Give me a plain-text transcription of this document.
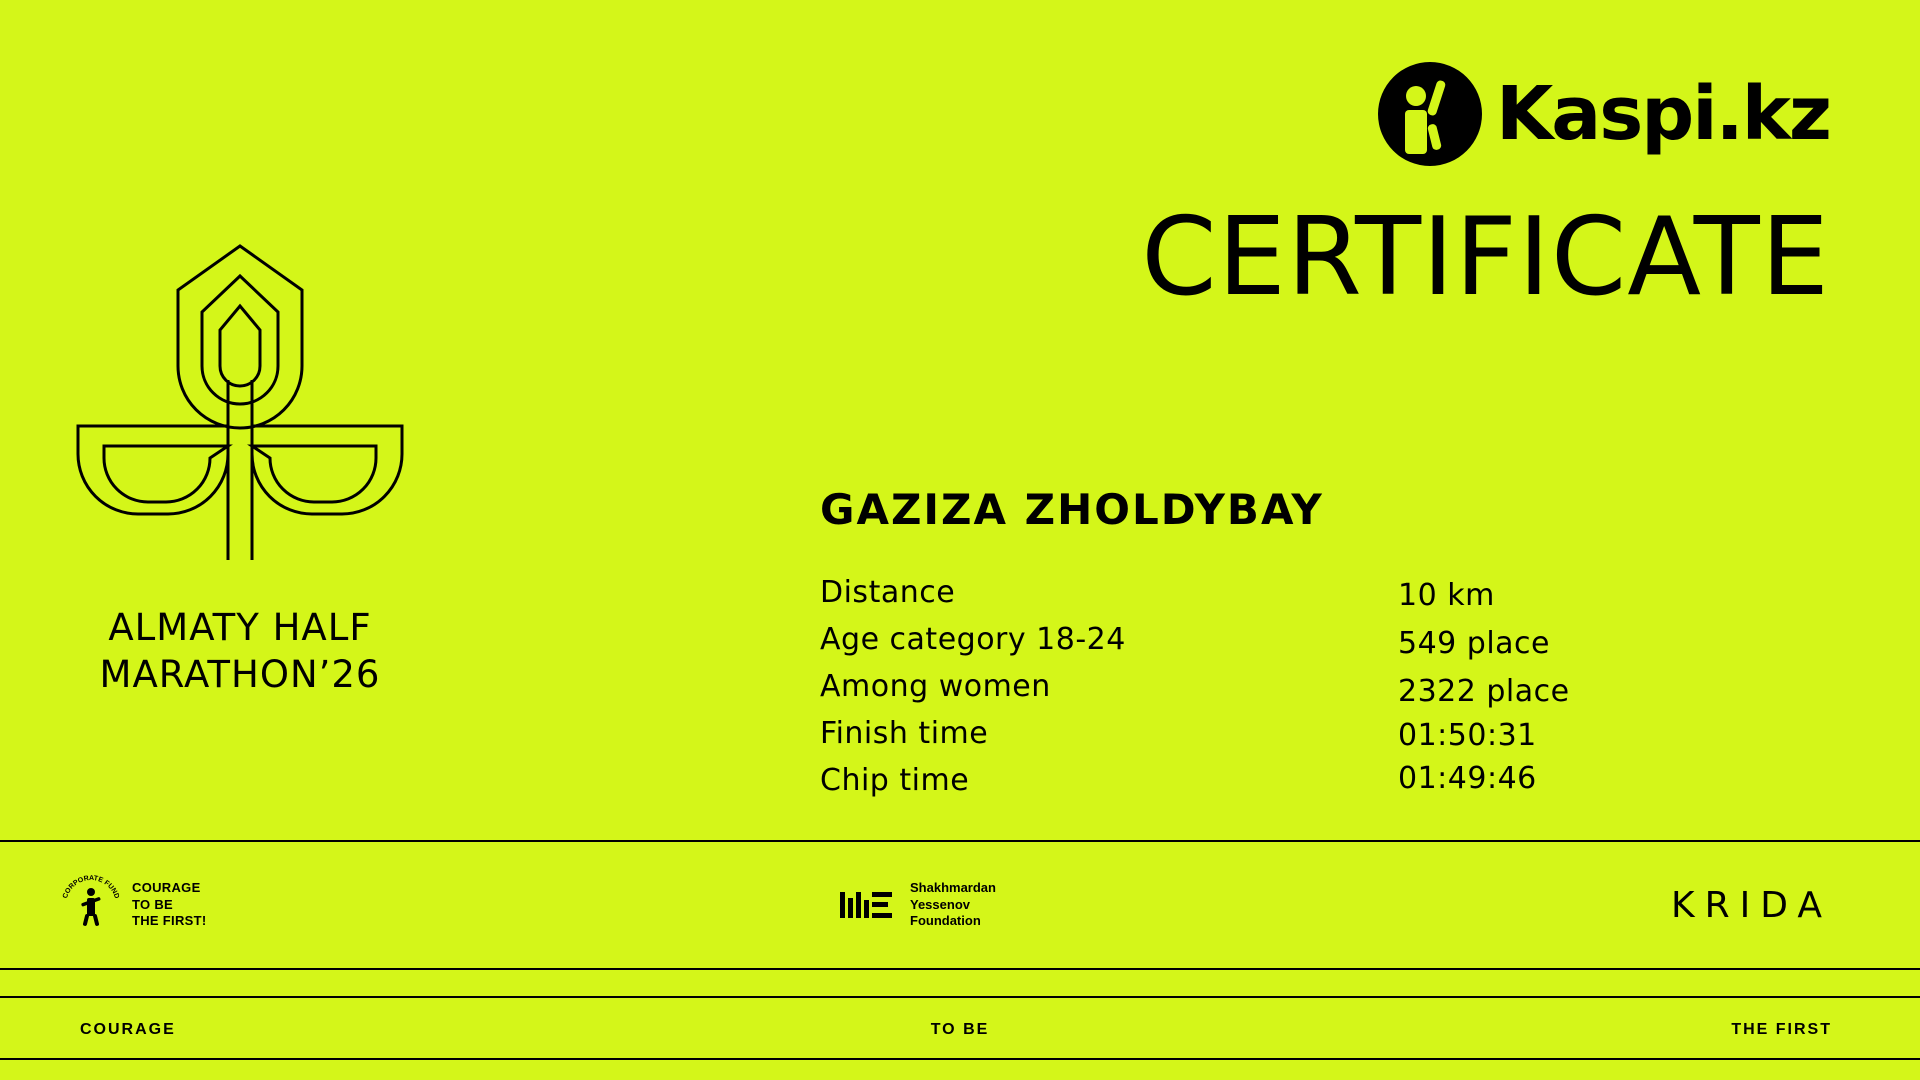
Kaspi.kz
ALMATY HALF
MARATHON’26
CERTIFICATE
GAZIZA ZHOLDYBAY
Distance	10 km
Age category 18-24	549 place
Among women	2322 place
Finish time	01:50:31
Chip time	01:49:46
CORPORATE FUND
COURAGE
TO BE
THE FIRST!
Shakhmardan
Yessenov
Foundation	KRIDA
COURAGE	TO BE	THE FIRST
